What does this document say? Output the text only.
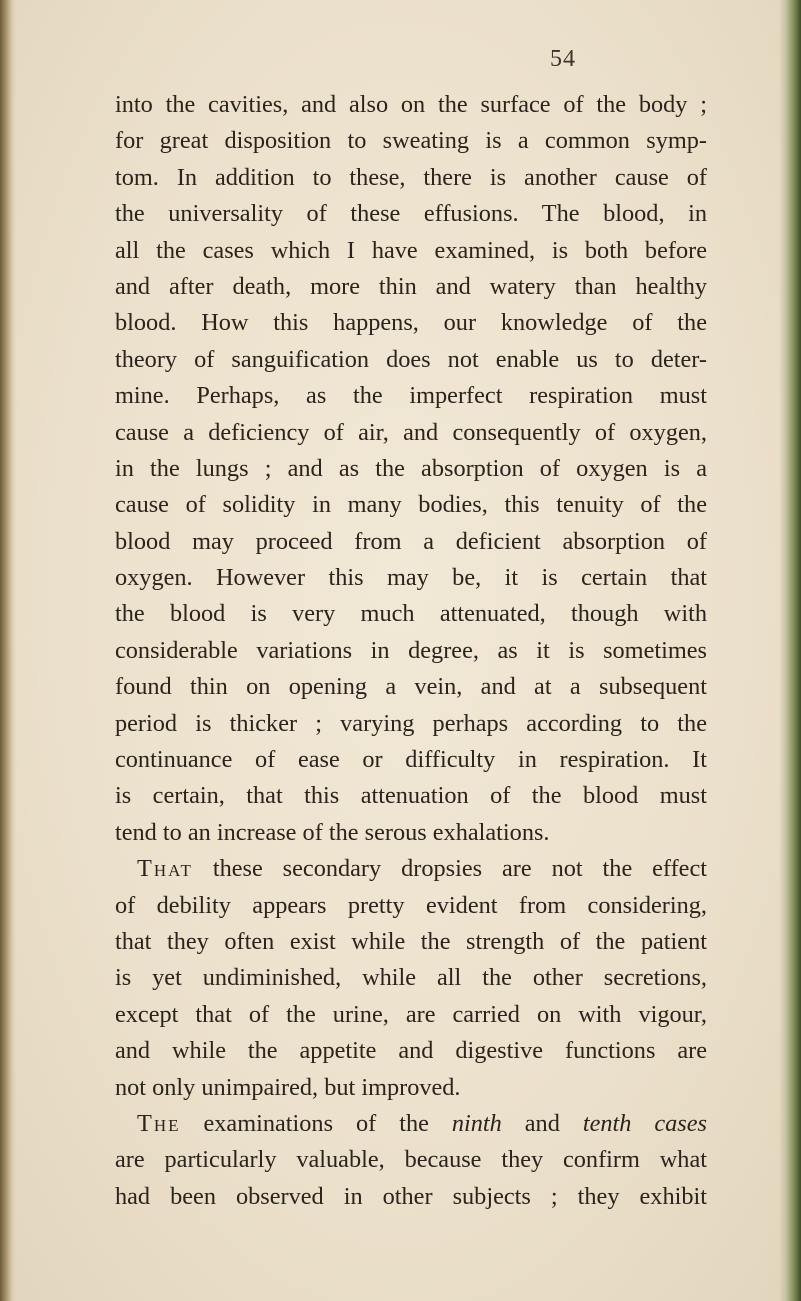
54
into the cavities, and also on the surface of the body ;
for great disposition to sweating is a common symp-
tom. In addition to these, there is another cause of
the universality of these effusions. The blood, in
all the cases which I have examined, is both before
and after death, more thin and watery than healthy
blood. How this happens, our knowledge of the
theory of sanguification does not enable us to deter-
mine. Perhaps, as the imperfect respiration must
cause a deficiency of air, and consequently of oxygen,
in the lungs ; and as the absorption of oxygen is a
cause of solidity in many bodies, this tenuity of the
blood may proceed from a deficient absorption of
oxygen. However this may be, it is certain that
the blood is very much attenuated, though with
considerable variations in degree, as it is sometimes
found thin on opening a vein, and at a subsequent
period is thicker ; varying perhaps according to the
continuance of ease or difficulty in respiration. It
is certain, that this attenuation of the blood must
tend to an increase of the serous exhalations.
That these secondary dropsies are not the effect
of debility appears pretty evident from considering,
that they often exist while the strength of the patient
is yet undiminished, while all the other secretions,
except that of the urine, are carried on with vigour,
and while the appetite and digestive functions are
not only unimpaired, but improved.
The examinations of the ninth and tenth cases
are particularly valuable, because they confirm what
had been observed in other subjects ; they exhibit
